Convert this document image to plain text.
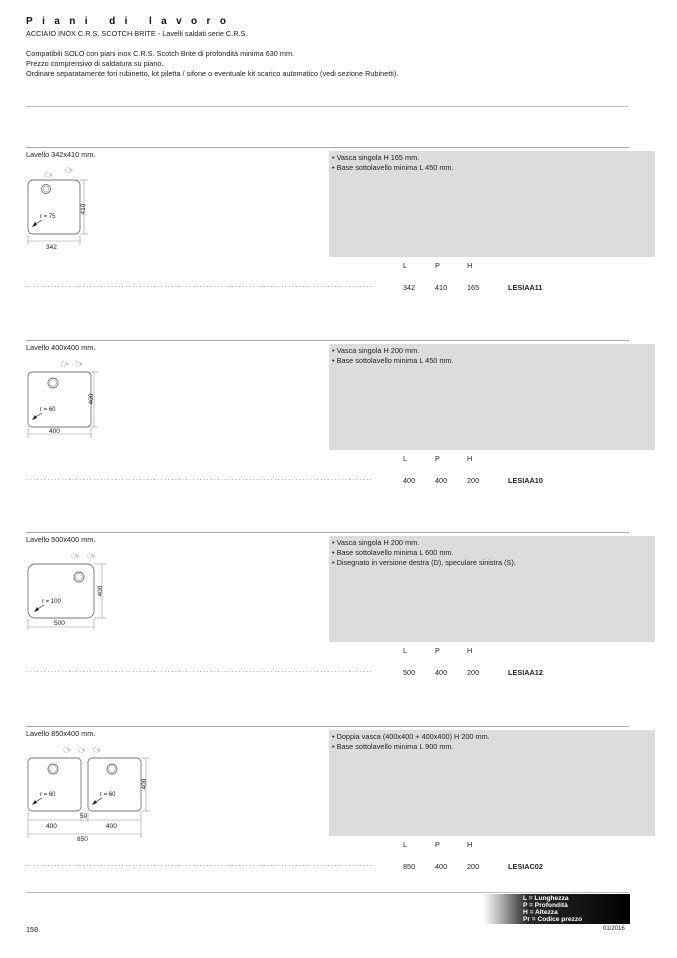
Piani di lavoro
ACCIAIO INOX C.R.S. SCOTCH BRITE - Lavelli saldati serie C.R.S.
Compatibili SOLO con piani inox C.R.S. Scotch Brite di profondità minima 630 mm.
Prezzo comprensivo di saldatura su piano.
Ordinare separatamente fori rubinetto, kit piletta / sifone o eventuale kit scarico automatico (vedi sezione Rubinetti).
Lavello 342x410 mm.
410
342
r = 75
• Vasca singola H 165 mm.
• Base sottolavello minima L 450 mm.
L	P	H
..................................................................................................	342	410	165	LESIAA11
Lavello 400x400 mm.
400
400
r = 60
• Vasca singola H 200 mm.
• Base sottolavello minima L 450 mm.
L	P	H
..................................................................................................	400	400	200	LESIAA10
Lavello 500x400 mm.
400
500
r = 100
• Vasca singola H 200 mm.
• Base sottolavello minima L 600 mm.
• Disegnato in versione destra (D), speculare sinistra (S).
L	P	H
..................................................................................................	500	400	200	LESIAA12
Lavello 850x400 mm.
400
r = 60	r = 60
400
50
400
850
• Doppia vasca (400x400 + 400x400) H 200 mm.
• Base sottolavello minima L 900 mm.
L	P	H
..................................................................................................	850	400	200	LESIAC02
L = Lunghezza
P = Profondità
H = Altezza
Pr = Codice prezzo
158	01/2016
